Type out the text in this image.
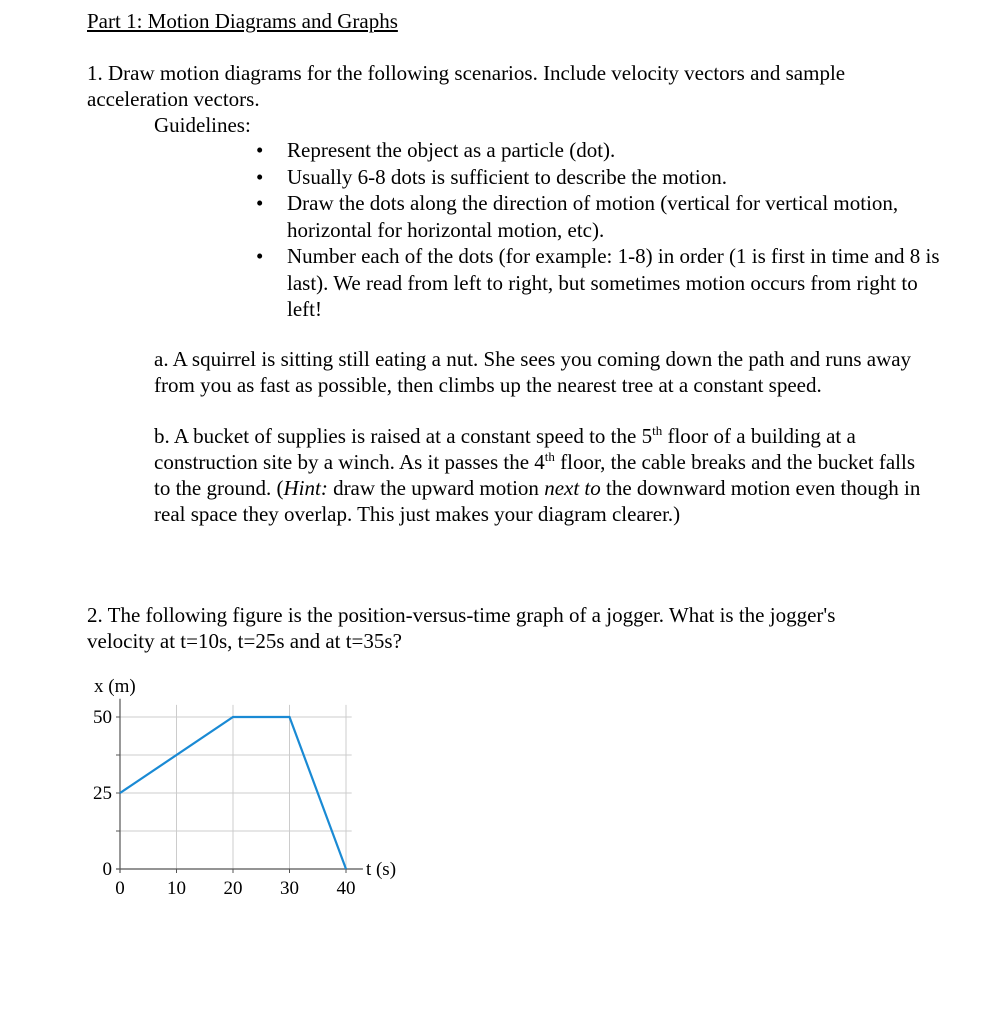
Part 1: Motion Diagrams and Graphs
1. Draw motion diagrams for the following scenarios. Include velocity vectors and sample
acceleration vectors.
Guidelines:
• Represent the object as a particle (dot).
• Usually 6-8 dots is sufficient to describe the motion.
• Draw the dots along the direction of motion (vertical for vertical motion, horizontal for horizontal motion, etc).
• Number each of the dots (for example: 1-8) in order (1 is first in time and 8 is last). We read from left to right, but sometimes motion occurs from right to left!
a. A squirrel is sitting still eating a nut. She sees you coming down the path and runs away from you as fast as possible, then climbs up the nearest tree at a constant speed.
b. A bucket of supplies is raised at a constant speed to the 5th floor of a building at a construction site by a winch. As it passes the 4th floor, the cable breaks and the bucket falls to the ground. (Hint: draw the upward motion next to the downward motion even though in real space they overlap. This just makes your diagram clearer.)
2. The following figure is the position-versus-time graph of a jogger. What is the jogger's velocity at t=10s, t=25s and at t=35s?
0 10 20 30 40
0
25
50
x (m)
t (s)
